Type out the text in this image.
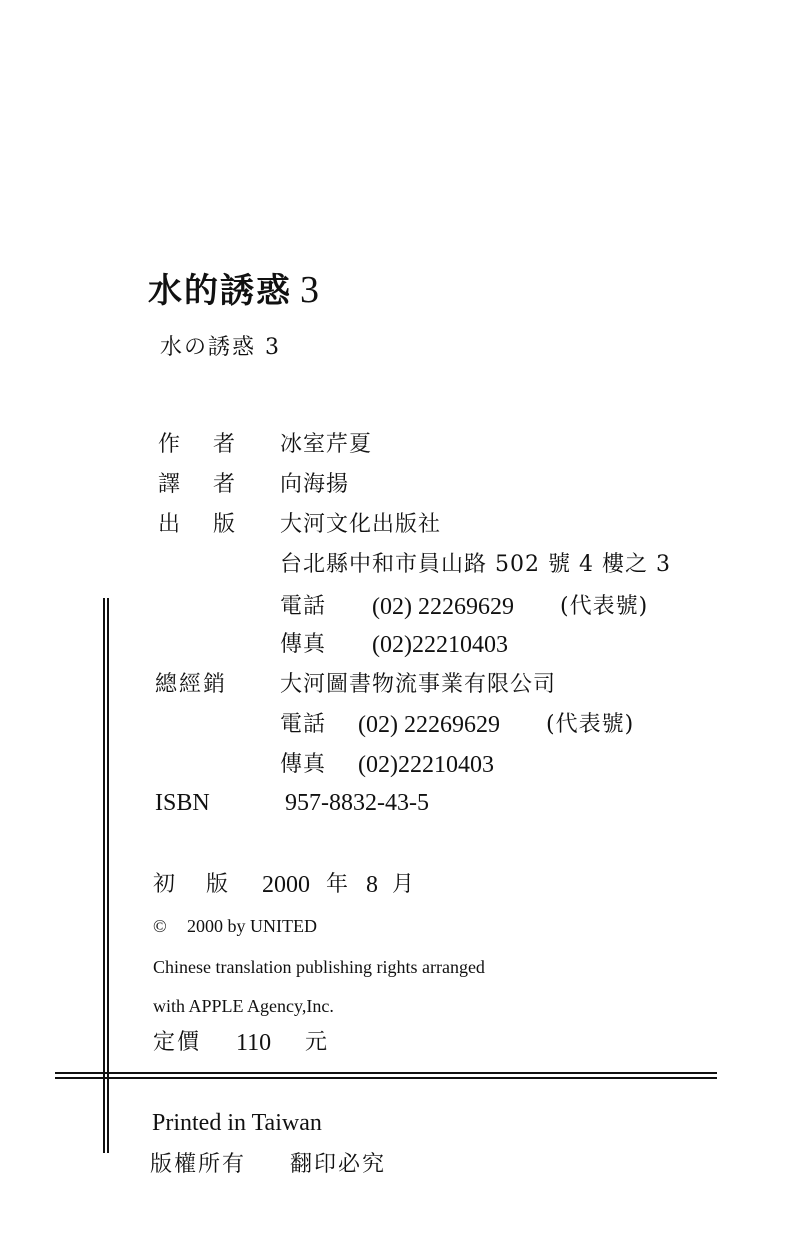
水的誘惑 3
水の誘惑 3
作 者 冰室芹夏
譯 者 向海揚
出 版 大河文化出版社
台北縣中和市員山路 502 號 4 樓之 3
電話 (02) 22269629 (代表號)
傳真 (02)22210403
總經銷 大河圖書物流事業有限公司
電話 (02) 22269629 (代表號)
傳真 (02)22210403
ISBN	957-8832-43-5
初 版 2000 年 8 月
© 2000 by UNITED
Chinese translation publishing rights arranged
with APPLE Agency,Inc.
定價 110 元
Printed in Taiwan
版權所有 翻印必究
